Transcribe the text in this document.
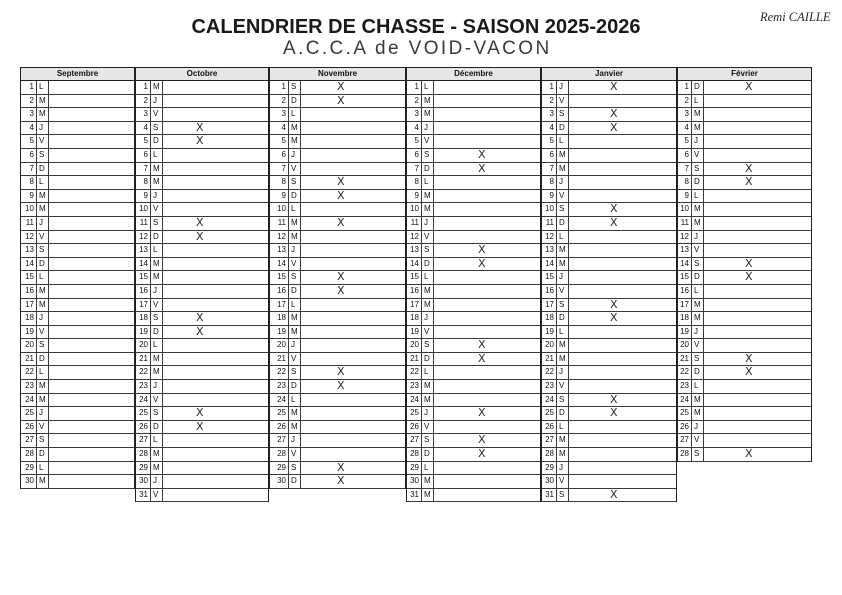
CALENDRIER DE CHASSE - SAISON 2025-2026
A.C.C.A de VOID-VACON
Remi CAILLE
Septembre
1 L
2 M
3 M
4 J
5 V
6 S
7 D
8 L
9 M
10 M
11 J
12 V
13 S
14 D
15 L
16 M
17 M
18 J
19 V
20 S
21 D
22 L
23 M
24 M
25 J
26 V
27 S
28 D
29 L
30 M
Octobre
1 M
2 J
3 V
4 S	X
5 D	X
6 L
7 M
8 M
9 J
10 V
11 S	X
12 D	X
13 L
14 M
15 M
16 J
17 V
18 S	X
19 D	X
20 L
21 M
22 M
23 J
24 V
25 S	X
26 D	X
27 L
28 M
29 M
30 J
31 V
Novembre
1 S	X
2 D	X
3 L
4 M
5 M
6 J
7 V
8 S	X
9 D	X
10 L
11 M	X
12 M
13 J
14 V
15 S	X
16 D	X
17 L
18 M
19 M
20 J
21 V
22 S	X
23 D	X
24 L
25 M
26 M
27 J
28 V
29 S	X
30 D	X
Décembre
1 L
2 M
3 M
4 J
5 V
6 S	X
7 D	X
8 L
9 M
10 M
11 J
12 V
13 S	X
14 D	X
15 L
16 M
17 M
18 J
19 V
20 S	X
21 D	X
22 L
23 M
24 M
25 J	X
26 V
27 S	X
28 D	X
29 L
30 M
31 M
Janvier
1 J	X
2 V
3 S	X
4 D	X
5 L
6 M
7 M
8 J
9 V
10 S	X
11 D	X
12 L
13 M
14 M
15 J
16 V
17 S	X
18 D	X
19 L
20 M
21 M
22 J
23 V
24 S	X
25 D	X
26 L
27 M
28 M
29 J
30 V
31 S	X
Février
1 D	X
2 L
3 M
4 M
5 J
6 V
7 S	X
8 D	X
9 L
10 M
11 M
12 J
13 V
14 S	X
15 D	X
16 L
17 M
18 M
19 J
20 V
21 S	X
22 D	X
23 L
24 M
25 M
26 J
27 V
28 S	X
